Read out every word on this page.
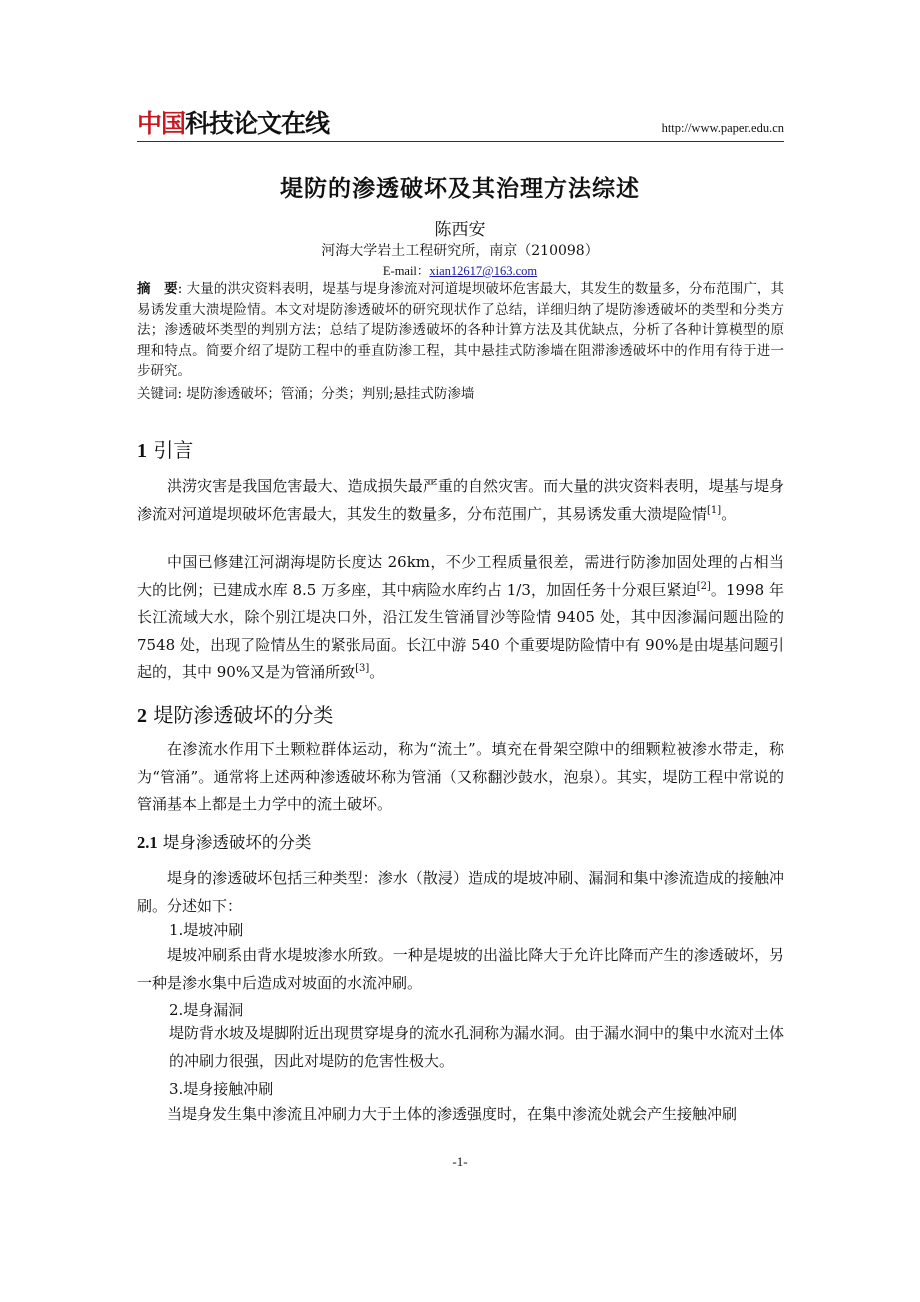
中国科技论文在线	http://www.paper.edu.cn
堤防的渗透破坏及其治理方法综述
陈西安
河海大学岩土工程研究所，南京（210098）
E-mail：xian12617@163.com
摘　要: 大量的洪灾资料表明，堤基与堤身渗流对河道堤坝破坏危害最大，其发生的数量多，分布范围广，其易诱发重大溃堤险情。本文对堤防渗透破坏的研究现状作了总结，详细归纳了堤防渗透破坏的类型和分类方法；渗透破坏类型的判别方法；总结了堤防渗透破坏的各种计算方法及其优缺点，分析了各种计算模型的原理和特点。简要介绍了堤防工程中的垂直防渗工程，其中悬挂式防渗墙在阻滞渗透破坏中的作用有待于进一步研究。
关键词: 堤防渗透破坏；管涌；分类；判别;悬挂式防渗墙
1 引言
洪涝灾害是我国危害最大、造成损失最严重的自然灾害。而大量的洪灾资料表明，堤基与堤身渗流对河道堤坝破坏危害最大，其发生的数量多，分布范围广，其易诱发重大溃堤险情[1]。
中国已修建江河湖海堤防长度达 26km，不少工程质量很差，需进行防渗加固处理的占相当大的比例；已建成水库 8.5 万多座，其中病险水库约占 1/3，加固任务十分艰巨紧迫[2]。1998 年长江流域大水，除个别江堤决口外，沿江发生管涌冒沙等险情 9405 处，其中因渗漏问题出险的 7548 处，出现了险情丛生的紧张局面。长江中游 540 个重要堤防险情中有 90%是由堤基问题引起的，其中 90%又是为管涌所致[3]。
2 堤防渗透破坏的分类
在渗流水作用下土颗粒群体运动，称为“流土”。填充在骨架空隙中的细颗粒被渗水带走，称为“管涌”。通常将上述两种渗透破坏称为管涌（又称翻沙鼓水，泡泉）。其实，堤防工程中常说的管涌基本上都是土力学中的流土破坏。
2.1 堤身渗透破坏的分类
堤身的渗透破坏包括三种类型：渗水（散浸）造成的堤坡冲刷、漏洞和集中渗流造成的接触冲刷。分述如下：
1.堤坡冲刷
堤坡冲刷系由背水堤坡渗水所致。一种是堤坡的出溢比降大于允许比降而产生的渗透破坏，另一种是渗水集中后造成对坡面的水流冲刷。
2.堤身漏洞
堤防背水坡及堤脚附近出现贯穿堤身的流水孔洞称为漏水洞。由于漏水洞中的集中水流对土体的冲刷力很强，因此对堤防的危害性极大。
3.堤身接触冲刷
当堤身发生集中渗流且冲刷力大于土体的渗透强度时，在集中渗流处就会产生接触冲刷
-1-
